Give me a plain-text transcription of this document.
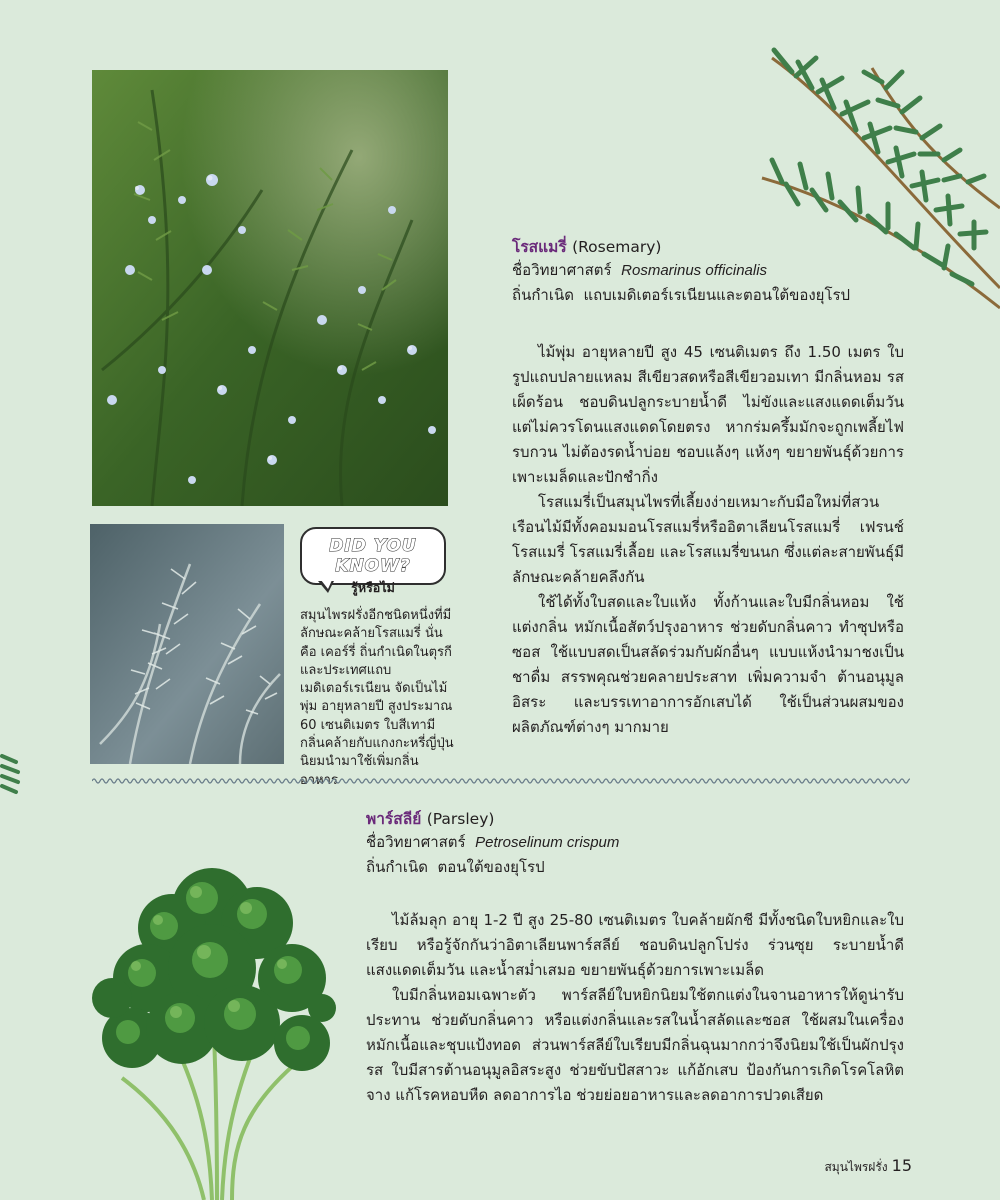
โรสแมรี่ (Rosemary)
ชื่อวิทยาศาสตร์ Rosmarinus officinalis
ถิ่นกำเนิด แถบเมดิเตอร์เรเนียนและตอนใต้ของยุโรป

ไม้พุ่ม อายุหลายปี สูง 45 เซนติเมตร ถึง 1.50 เมตร ใบรูปแถบปลายแหลม สีเขียวสดหรือสีเขียวอมเทา มีกลิ่นหอม รสเผ็ดร้อน ชอบดินปลูกระบายน้ำดี ไม่ขังและแสงแดดเต็มวัน แต่ไม่ควรโดนแสงแดดโดยตรง หากร่มครึ้มมักจะถูกเพลี้ยไฟรบกวน ไม่ต้องรดน้ำบ่อย ชอบแล้งๆ แห้งๆ ขยายพันธุ์ด้วยการเพาะเมล็ดและปักชำกิ่ง

โรสแมรี่เป็นสมุนไพรที่เลี้ยงง่ายเหมาะกับมือใหม่ที่สวนเรือนไม้มีทั้งคอมมอนโรสแมรี่หรืออิตาเลียนโรสแมรี่ เฟรนช์โรสแมรี่ โรสแมรี่เลื้อย และโรสแมรี่ขนนก ซึ่งแต่ละสายพันธุ์มีลักษณะคล้ายคลึงกัน

ใช้ได้ทั้งใบสดและใบแห้ง ทั้งก้านและใบมีกลิ่นหอม ใช้แต่งกลิ่น หมักเนื้อสัตว์ปรุงอาหาร ช่วยดับกลิ่นคาว ทำซุปหรือซอส ใช้แบบสดเป็นสลัดร่วมกับผักอื่นๆ แบบแห้งนำมาชงเป็นชาดื่ม สรรพคุณช่วยคลายประสาท เพิ่มความจำ ต้านอนุมูลอิสระ และบรรเทาอาการอักเสบได้ ใช้เป็นส่วนผสมของผลิตภัณฑ์ต่างๆ มากมาย

DID YOU KNOW?
รู้หรือไม่

สมุนไพรฝรั่งอีกชนิดหนึ่งที่มีลักษณะคล้ายโรสแมรี่ นั่นคือ เคอร์รี่ ถิ่นกำเนิดในตุรกีและประเทศแถบเมดิเตอร์เรเนียน จัดเป็นไม้พุ่ม อายุหลายปี สูงประมาณ 60 เซนติเมตร ใบสีเทามีกลิ่นคล้ายกับแกงกะหรี่ญี่ปุ่น นิยมนำมาใช้เพิ่มกลิ่นอาหาร

พาร์สลีย์ (Parsley)
ชื่อวิทยาศาสตร์ Petroselinum crispum
ถิ่นกำเนิด ตอนใต้ของยุโรป

ไม้ล้มลุก อายุ 1-2 ปี สูง 25-80 เซนติเมตร ใบคล้ายผักชี มีทั้งชนิดใบหยิกและใบเรียบ หรือรู้จักกันว่าอิตาเลียนพาร์สลีย์ ชอบดินปลูกโปร่ง ร่วนซุย ระบายน้ำดี แสงแดดเต็มวัน และน้ำสม่ำเสมอ ขยายพันธุ์ด้วยการเพาะเมล็ด

ใบมีกลิ่นหอมเฉพาะตัว พาร์สลีย์ใบหยิกนิยมใช้ตกแต่งในจานอาหารให้ดูน่ารับประทาน ช่วยดับกลิ่นคาว หรือแต่งกลิ่นและรสในน้ำสลัดและซอส ใช้ผสมในเครื่องหมักเนื้อและชุบแป้งทอด ส่วนพาร์สลีย์ใบเรียบมีกลิ่นฉุนมากกว่าจึงนิยมใช้เป็นผักปรุงรส ใบมีสารต้านอนุมูลอิสระสูง ช่วยขับปัสสาวะ แก้อักเสบ ป้องกันการเกิดโรคโลหิตจาง แก้โรคหอบหืด ลดอาการไอ ช่วยย่อยอาหารและลดอาการปวดเสียด

สมุนไพรฝรั่ง 15
